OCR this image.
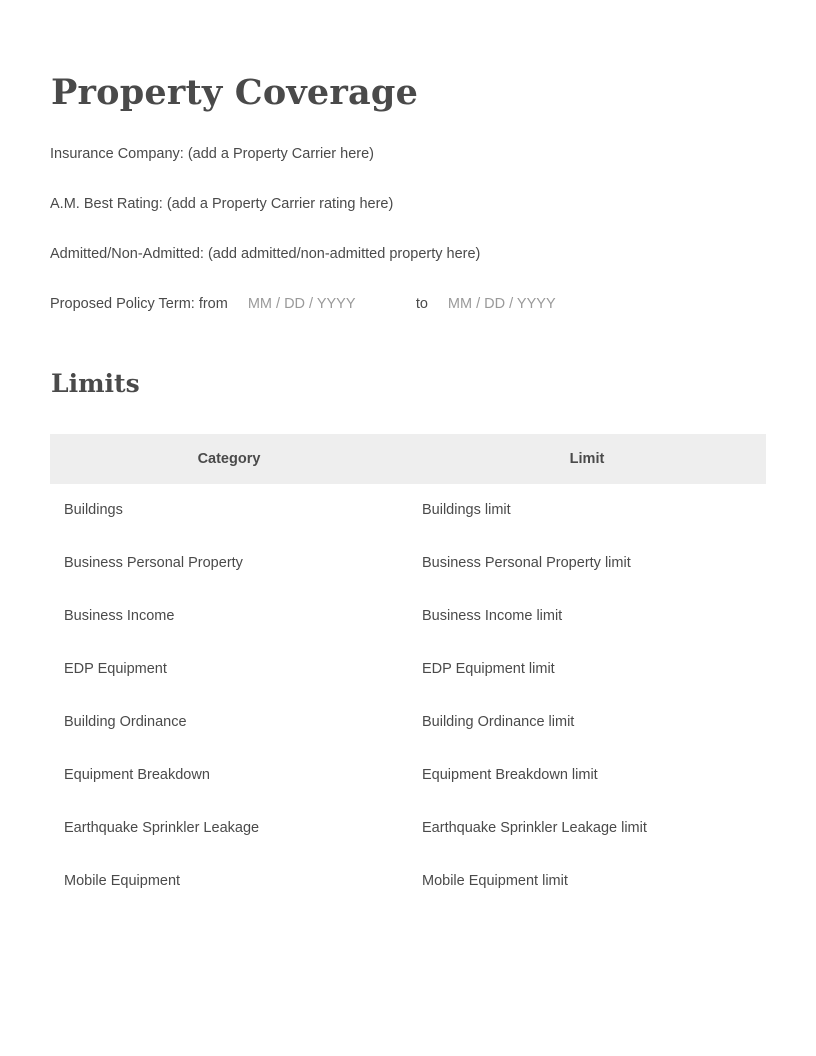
Property Coverage
Insurance Company: (add a Property Carrier here)
A.M. Best Rating: (add a Property Carrier rating here)
Admitted/Non-Admitted: (add admitted/non-admitted property here)
Proposed Policy Term: from MM / DD / YYYY	to MM / DD / YYYY
Limits
Category	Limit
Buildings	Buildings limit
Business Personal Property	Business Personal Property limit
Business Income	Business Income limit
EDP Equipment	EDP Equipment limit
Building Ordinance	Building Ordinance limit
Equipment Breakdown	Equipment Breakdown limit
Earthquake Sprinkler Leakage	Earthquake Sprinkler Leakage limit
Mobile Equipment	Mobile Equipment limit
